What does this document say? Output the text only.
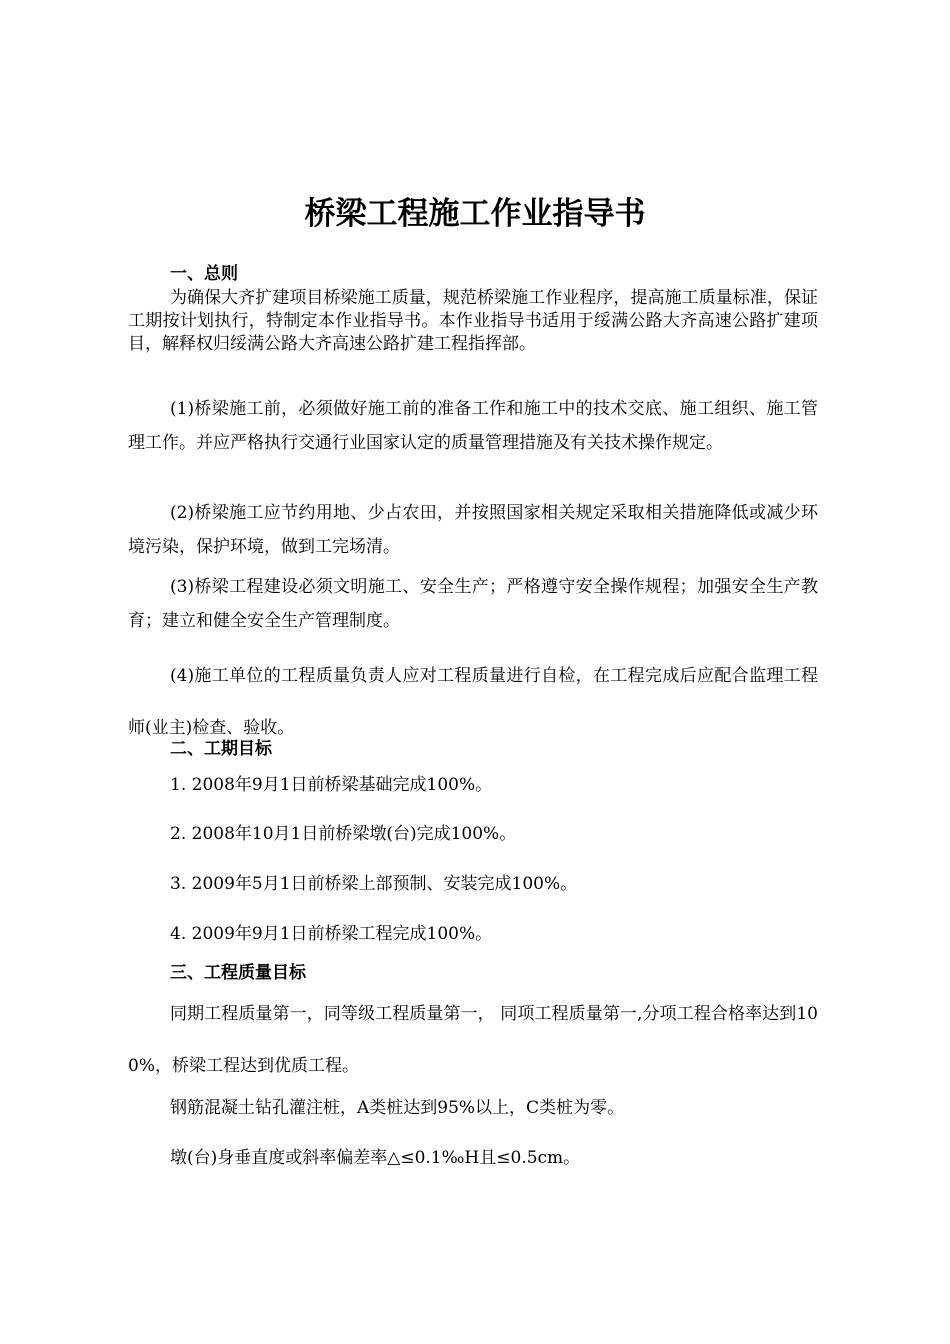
桥梁工程施工作业指导书
一、总则

为确保大齐扩建项目桥梁施工质量，规范桥梁施工作业程序，提高施工质量标准，保证工期按计划执行，特制定本作业指导书。本作业指导书适用于绥满公路大齐高速公路扩建项目，解释权归绥满公路大齐高速公路扩建工程指挥部。

(1)桥梁施工前，必须做好施工前的准备工作和施工中的技术交底、施工组织、施工管理工作。并应严格执行交通行业国家认定的质量管理措施及有关技术操作规定。

(2)桥梁施工应节约用地、少占农田，并按照国家相关规定采取相关措施降低或减少环境污染，保护环境，做到工完场清。

(3)桥梁工程建设必须文明施工、安全生产；严格遵守安全操作规程；加强安全生产教育；建立和健全安全生产管理制度。

(4)施工单位的工程质量负责人应对工程质量进行自检，在工程完成后应配合监理工程师(业主)检查、验收。

二、工期目标
1. 2008年9月1日前桥梁基础完成100%。
2. 2008年10月1日前桥梁墩(台)完成100%。
3. 2009年5月1日前桥梁上部预制、安装完成100%。
4. 2009年9月1日前桥梁工程完成100%。
三、工程质量目标

同期工程质量第一，同等级工程质量第一， 同项工程质量第一,分项工程合格率达到100%，桥梁工程达到优质工程。

钢筋混凝土钻孔灌注桩，A类桩达到95%以上，C类桩为零。
墩(台)身垂直度或斜率偏差率△≤0.1‰H且≤0.5cm。
